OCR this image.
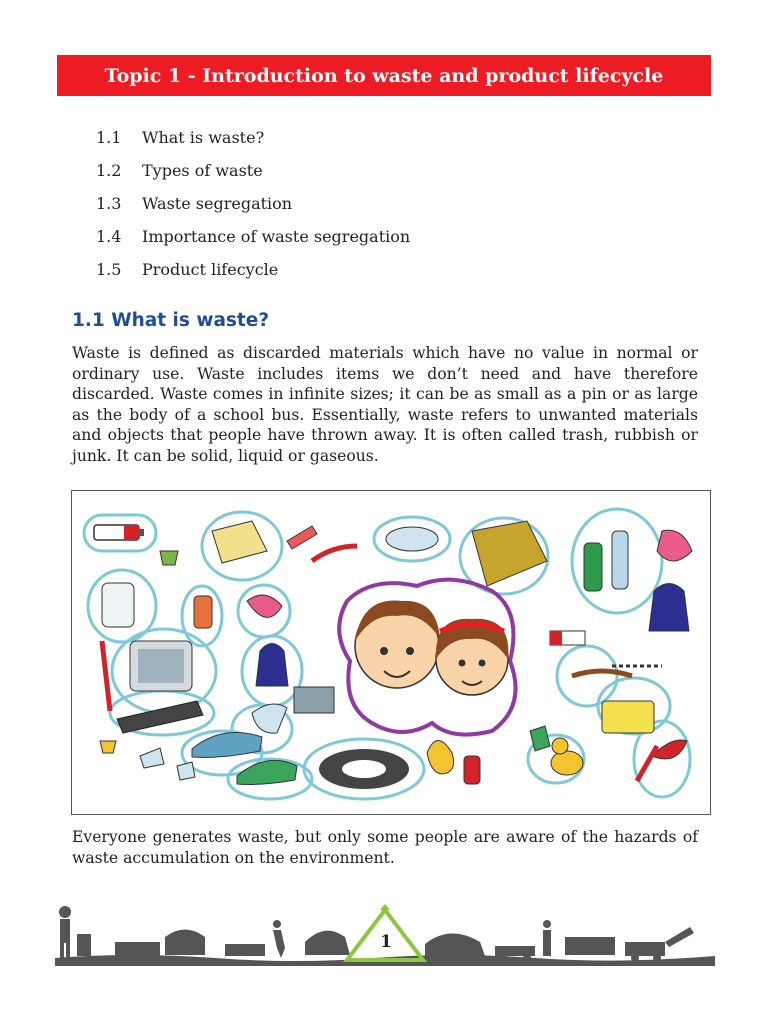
Topic 1 - Introduction to waste and product lifecycle
1.1	What is waste?
1.2	Types of waste
1.3	Waste segregation
1.4	Importance of waste segregation
1.5	Product lifecycle
1.1 What is waste?

Waste is defined as discarded materials which have no value in normal or ordinary use. Waste includes items we don’t need and have therefore discarded. Waste comes in infinite sizes; it can be as small as a pin or as large as the body of a school bus. Essentially, waste refers to unwanted materials and objects that people have thrown away. It is often called trash, rubbish or junk. It can be solid, liquid or gaseous.

Everyone generates waste, but only some people are aware of the hazards of waste accumulation on the environment.

1
